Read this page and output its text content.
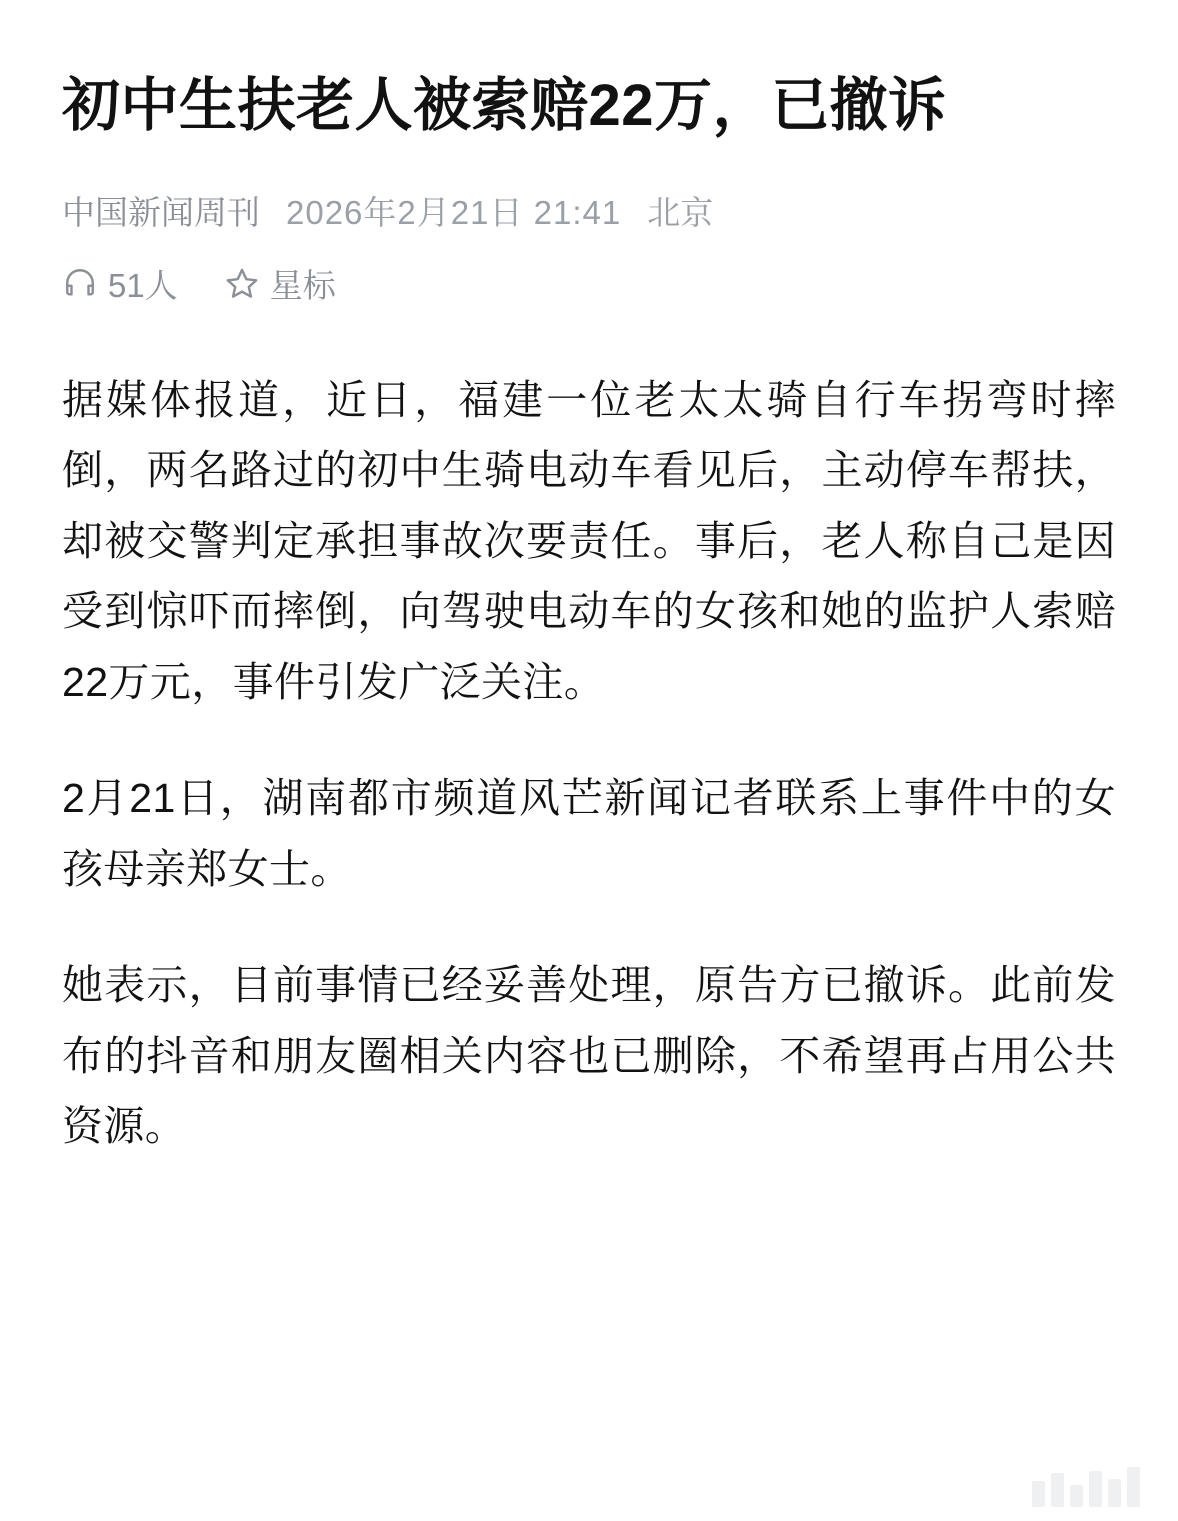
初中生扶老人被索赔22万，已撤诉
中国新闻周刊 2026年2月21日 21:41 北京
51人	星标

据媒体报道，近日，福建一位老太太骑自行车拐弯时摔倒，两名路过的初中生骑电动车看见后，主动停车帮扶，却被交警判定承担事故次要责任。事后，老人称自己是因受到惊吓而摔倒，向驾驶电动车的女孩和她的监护人索赔22万元，事件引发广泛关注。

2月21日，湖南都市频道风芒新闻记者联系上事件中的女孩母亲郑女士。

她表示，目前事情已经妥善处理，原告方已撤诉。此前发布的抖音和朋友圈相关内容也已删除，不希望再占用公共资源。
